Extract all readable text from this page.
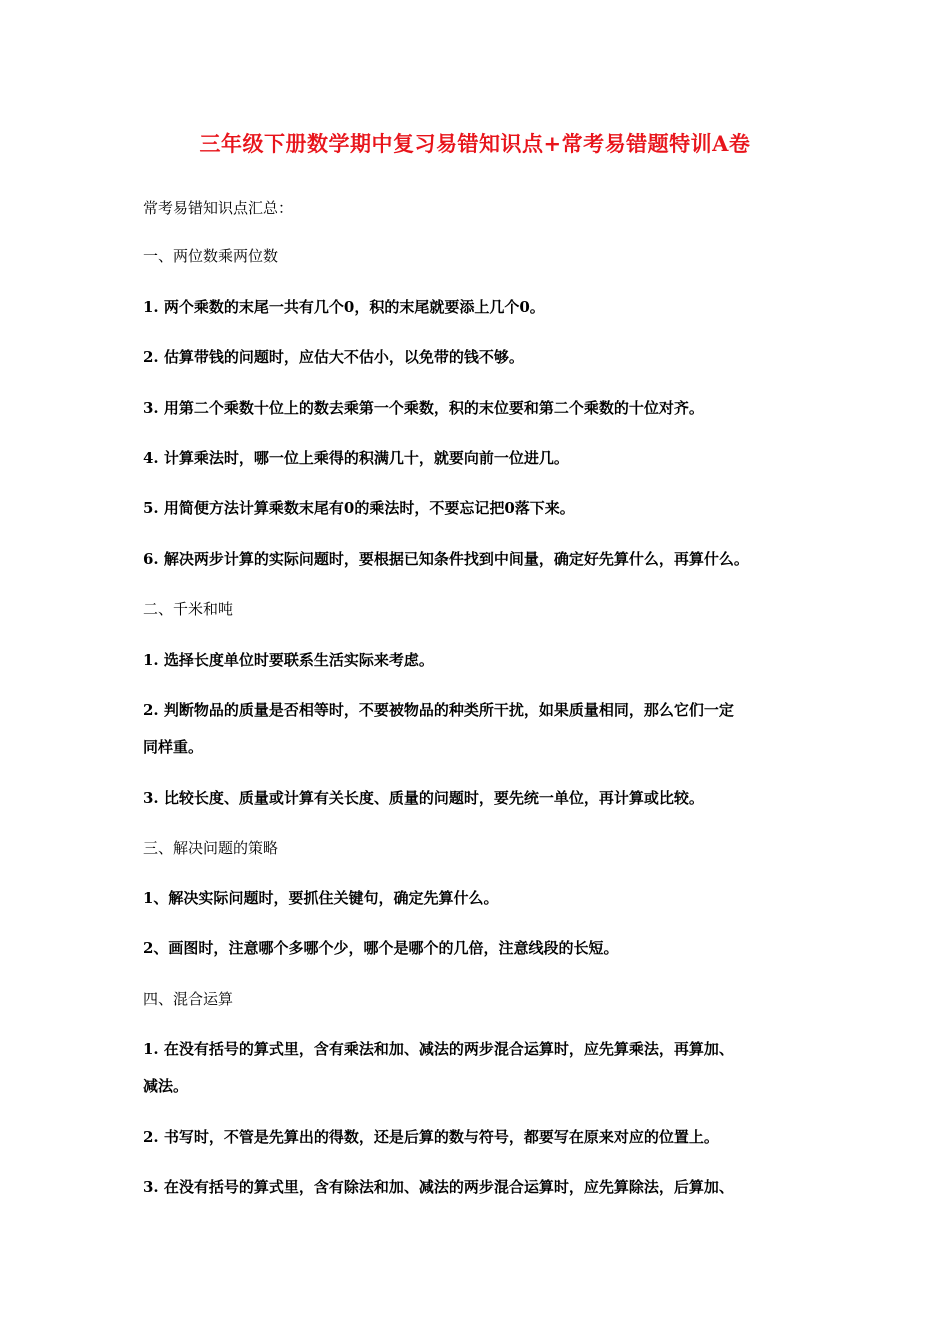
三年级下册数学期中复习易错知识点+常考易错题特训A卷
常考易错知识点汇总：
一、两位数乘两位数
1. 两个乘数的末尾一共有几个0，积的末尾就要添上几个0。
2. 估算带钱的问题时，应估大不估小，以免带的钱不够。
3. 用第二个乘数十位上的数去乘第一个乘数，积的末位要和第二个乘数的十位对齐。
4. 计算乘法时，哪一位上乘得的积满几十，就要向前一位进几。
5. 用简便方法计算乘数末尾有0的乘法时，不要忘记把0落下来。
6. 解决两步计算的实际问题时，要根据已知条件找到中间量，确定好先算什么，再算什么。
二、千米和吨
1. 选择长度单位时要联系生活实际来考虑。
2. 判断物品的质量是否相等时，不要被物品的种类所干扰，如果质量相同，那么它们一定
同样重。
3. 比较长度、质量或计算有关长度、质量的问题时，要先统一单位，再计算或比较。
三、解决问题的策略
1、解决实际问题时，要抓住关键句，确定先算什么。
2、画图时，注意哪个多哪个少，哪个是哪个的几倍，注意线段的长短。
四、混合运算
1. 在没有括号的算式里，含有乘法和加、减法的两步混合运算时，应先算乘法，再算加、
减法。
2. 书写时，不管是先算出的得数，还是后算的数与符号，都要写在原来对应的位置上。
3. 在没有括号的算式里，含有除法和加、减法的两步混合运算时，应先算除法，后算加、
